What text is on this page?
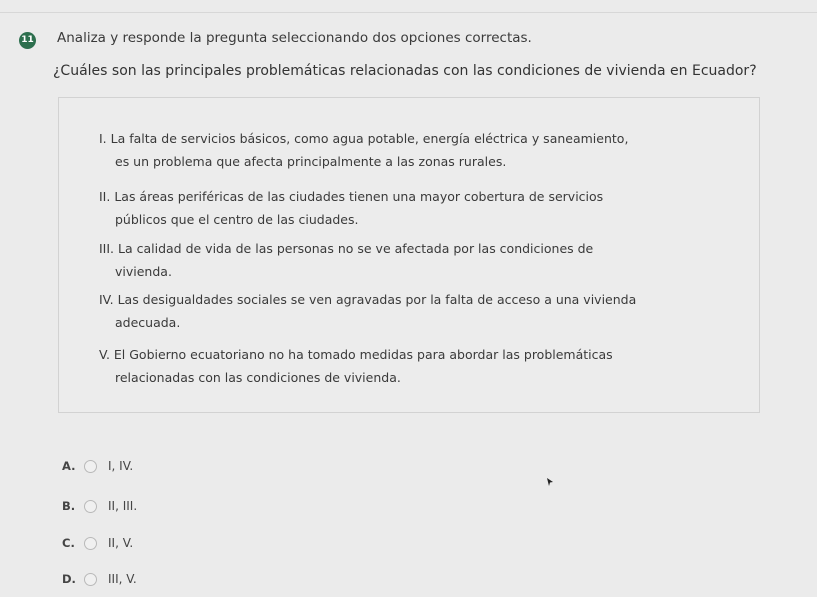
11 Analiza y responde la pregunta seleccionando dos opciones correctas.
¿Cuáles son las principales problemáticas relacionadas con las condiciones de vivienda en Ecuador?
I. La falta de servicios básicos, como agua potable, energía eléctrica y saneamiento,
es un problema que afecta principalmente a las zonas rurales.
II. Las áreas periféricas de las ciudades tienen una mayor cobertura de servicios
públicos que el centro de las ciudades.
III. La calidad de vida de las personas no se ve afectada por las condiciones de
vivienda.
IV. Las desigualdades sociales se ven agravadas por la falta de acceso a una vivienda
adecuada.
V. El Gobierno ecuatoriano no ha tomado medidas para abordar las problemáticas
relacionadas con las condiciones de vivienda.
A.	I, IV.
B.	II, III.
C.	II, V.
D.	III, V.
